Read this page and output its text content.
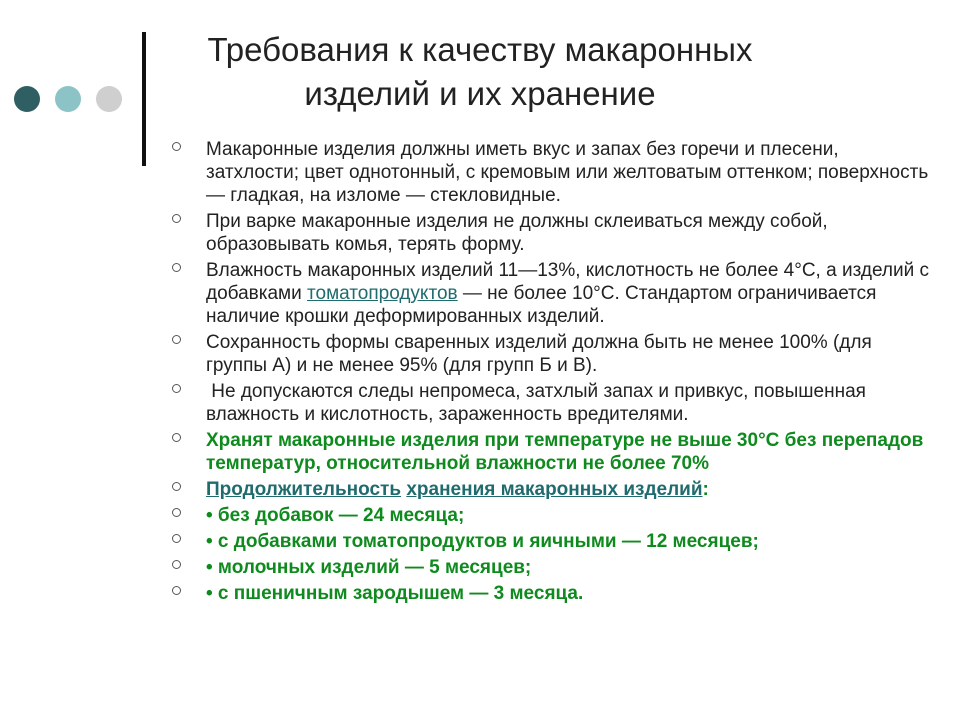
Требования к качеству макаронных
изделий и их хранение
Макаронные изделия должны иметь вкус и запах без горечи и плесени, затхлости; цвет однотонный, с кремовым или желтоватым оттенком; поверхность — гладкая, на изломе — стекловидные.
При варке макаронные изделия не должны склеиваться между собой, образовывать комья, терять форму.
Влажность макаронных изделий 11—13%, кислотность не более 4°С, а изделий с добавками томатопродуктов — не более 10°С. Стандартом ограничивается наличие крошки деформированных изделий.
Сохранность формы сваренных изделий должна быть не менее 100% (для группы А) и не менее 95% (для групп Б и В).
Не допускаются следы непромеса, затхлый запах и привкус, повышенная влажность и кислотность, зараженность вредителями.
Хранят макаронные изделия при температуре не выше 30°С без перепадов температур, относительной влажности не более 70%
Продолжительность хранения макаронных изделий:
• без добавок — 24 месяца;
• с добавками томатопродуктов и яичными — 12 месяцев;
• молочных изделий — 5 месяцев;
• с пшеничным зародышем — 3 месяца.
